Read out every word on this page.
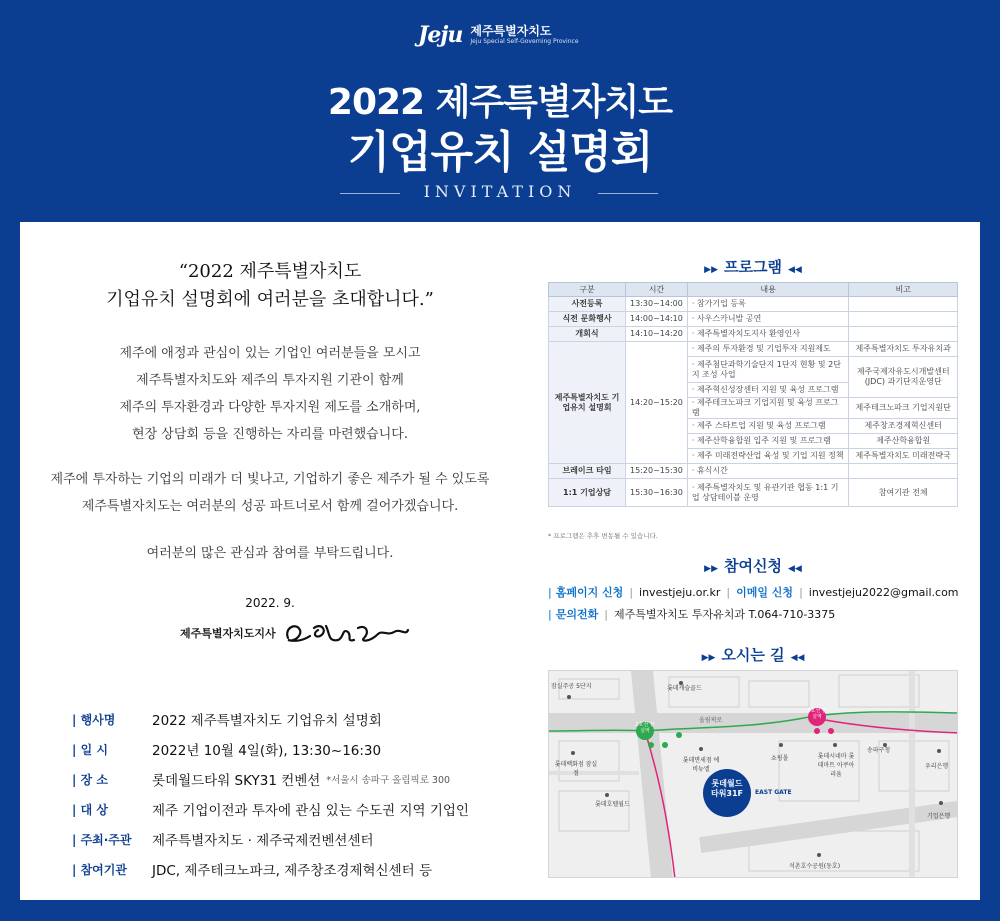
Jeju 제주특별자치도
Jeju Special Self-Governing Province
2022 제주특별자치도
기업유치 설명회
INVITATION
“2022 제주특별자치도
기업유치 설명회에 여러분을 초대합니다.”
제주에 애정과 관심이 있는 기업인 여러분들을 모시고
제주특별자치도와 제주의 투자지원 기관이 함께
제주의 투자환경과 다양한 투자지원 제도를 소개하며,
현장 상담회 등을 진행하는 자리를 마련했습니다.
제주에 투자하는 기업의 미래가 더 빛나고, 기업하기 좋은 제주가 될 수 있도록
제주특별자치도는 여러분의 성공 파트너로서 함께 걸어가겠습니다.
여러분의 많은 관심과 참여를 부탁드립니다.
2022. 9.
제주특별자치도지사
| 행사명	2022 제주특별자치도 기업유치 설명회
| 일 시	2022년 10월 4일(화), 13:30~16:30
| 장 소	롯데월드타워 SKY31 컨벤션 *서울시 송파구 올림픽로 300
| 대 상	제주 기업이전과 투자에 관심 있는 수도권 지역 기업인
| 주최·주관	제주특별자치도 · 제주국제컨벤션센터
| 참여기관	JDC, 제주테크노파크, 제주창조경제혁신센터 등
▶▶ 프로그램 ◀◀
구분	시간	내용	비고
사전등록	13:30~14:00	· 참가기업 등록	
식전 문화행사	14:00~14:10	· 사우스카니발 공연	
개회식	14:10~14:20	· 제주특별자치도지사 환영인사	
제주특별자치도 기업유치 설명회	14:20~15:20	· 제주의 투자환경 및 기업투자 지원제도	제주특별자치도 투자유치과
		· 제주첨단과학기술단지 1단지 현황 및 2단지 조성 사업	제주국제자유도시개발센터 (JDC) 과기단지운영단
		· 제주혁신성장센터 지원 및 육성 프로그램	
		· 제주테크노파크 기업지원 및 육성 프로그램	제주테크노파크 기업지원단
		· 제주 스타트업 지원 및 육성 프로그램	제주창조경제혁신센터
		· 제주산학융합원 입주 지원 및 프로그램	제주산학융합원
		· 제주 미래전략산업 육성 및 기업 지원 정책	제주특별자치도 미래전략국
브레이크 타임	15:20~15:30	· 휴식시간	
1:1 기업상담	15:30~16:30	· 제주특별자치도 및 유관기관 협동 1:1 기업 상담테이블 운영	참여기관 전체
* 프로그램은 추후 변동될 수 있습니다.
▶▶ 참여신청 ◀◀
| 홈페이지 신청 | investjeju.or.kr | 이메일 신청 | investjeju2022@gmail.com
| 문의전화 | 제주특별자치도 투자유치과 T.064-710-3375
▶▶ 오시는 길 ◀◀
잠실주공 5단지	롯데캐슬골드
롯데백화점 잠실점
롯데면세점 에비뉴엘
쇼핑몰	롯데시네마 롯데마트 아쿠아리움
송파구청
우리은행
롯데호텔월드
기업은행
석촌호수공원(동호)
올림픽로
2호선 잠실역
8호선 잠실역
롯데월드 타워31F	EAST GATE
